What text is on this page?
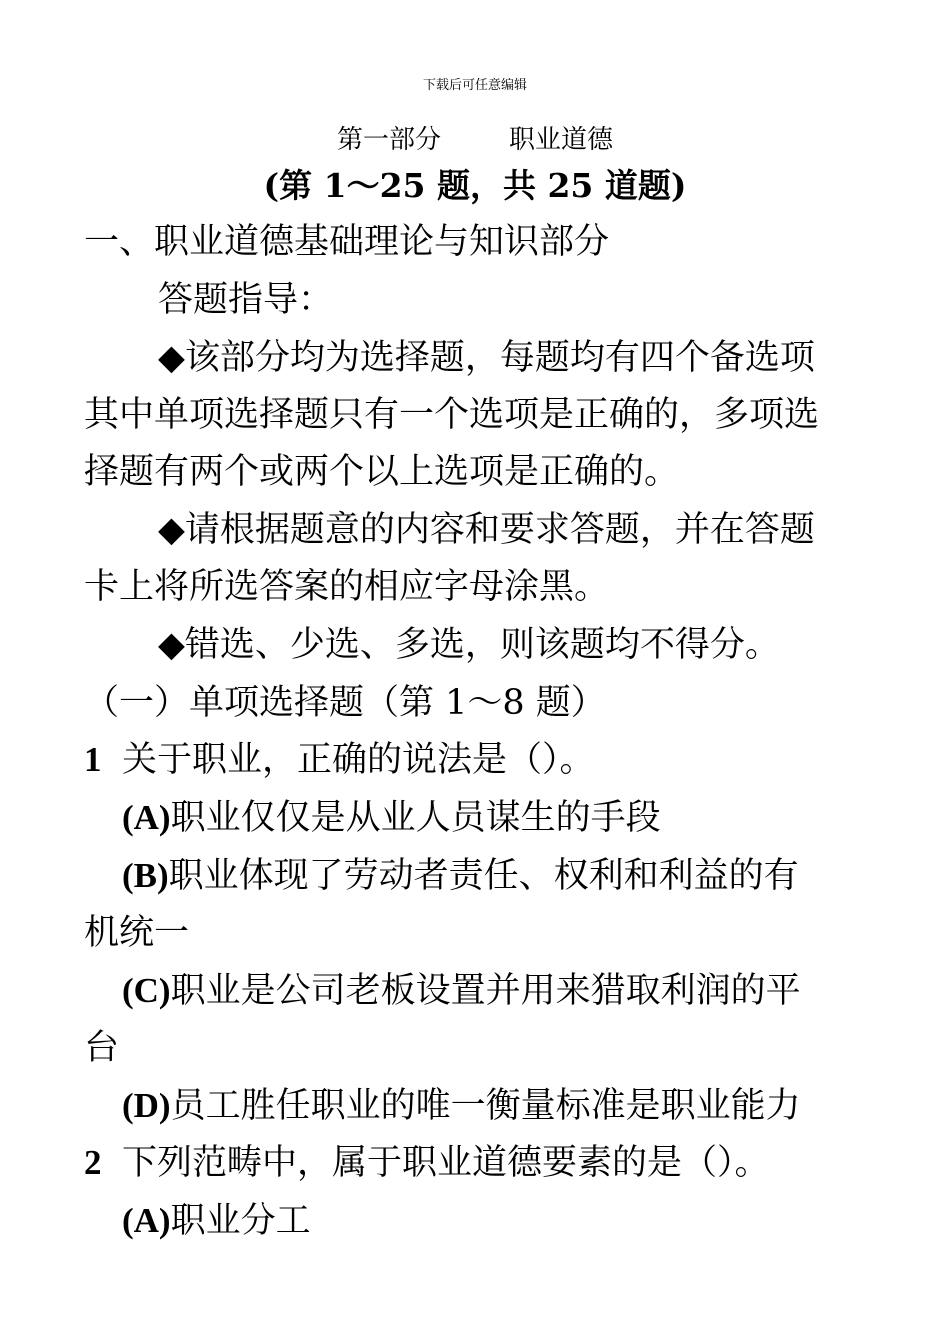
下载后可任意编辑
第一部分	职业道德
(第 1～25 题，共 25 道题)
一、职业道德基础理论与知识部分
答题指导：
◆该部分均为选择题，每题均有四个备选项
其中单项选择题只有一个选项是正确的，多项选
择题有两个或两个以上选项是正确的。
◆请根据题意的内容和要求答题，并在答题
卡上将所选答案的相应字母涂黑。
◆错选、少选、多选，则该题均不得分。
（一）单项选择题（第 1～8 题）
1 关于职业，正确的说法是（）。
(A)职业仅仅是从业人员谋生的手段
(B)职业体现了劳动者责任、权利和利益的有
机统一
(C)职业是公司老板设置并用来猎取利润的平
台
(D)员工胜任职业的唯一衡量标准是职业能力
2 下列范畴中，属于职业道德要素的是（）。
(A)职业分工
